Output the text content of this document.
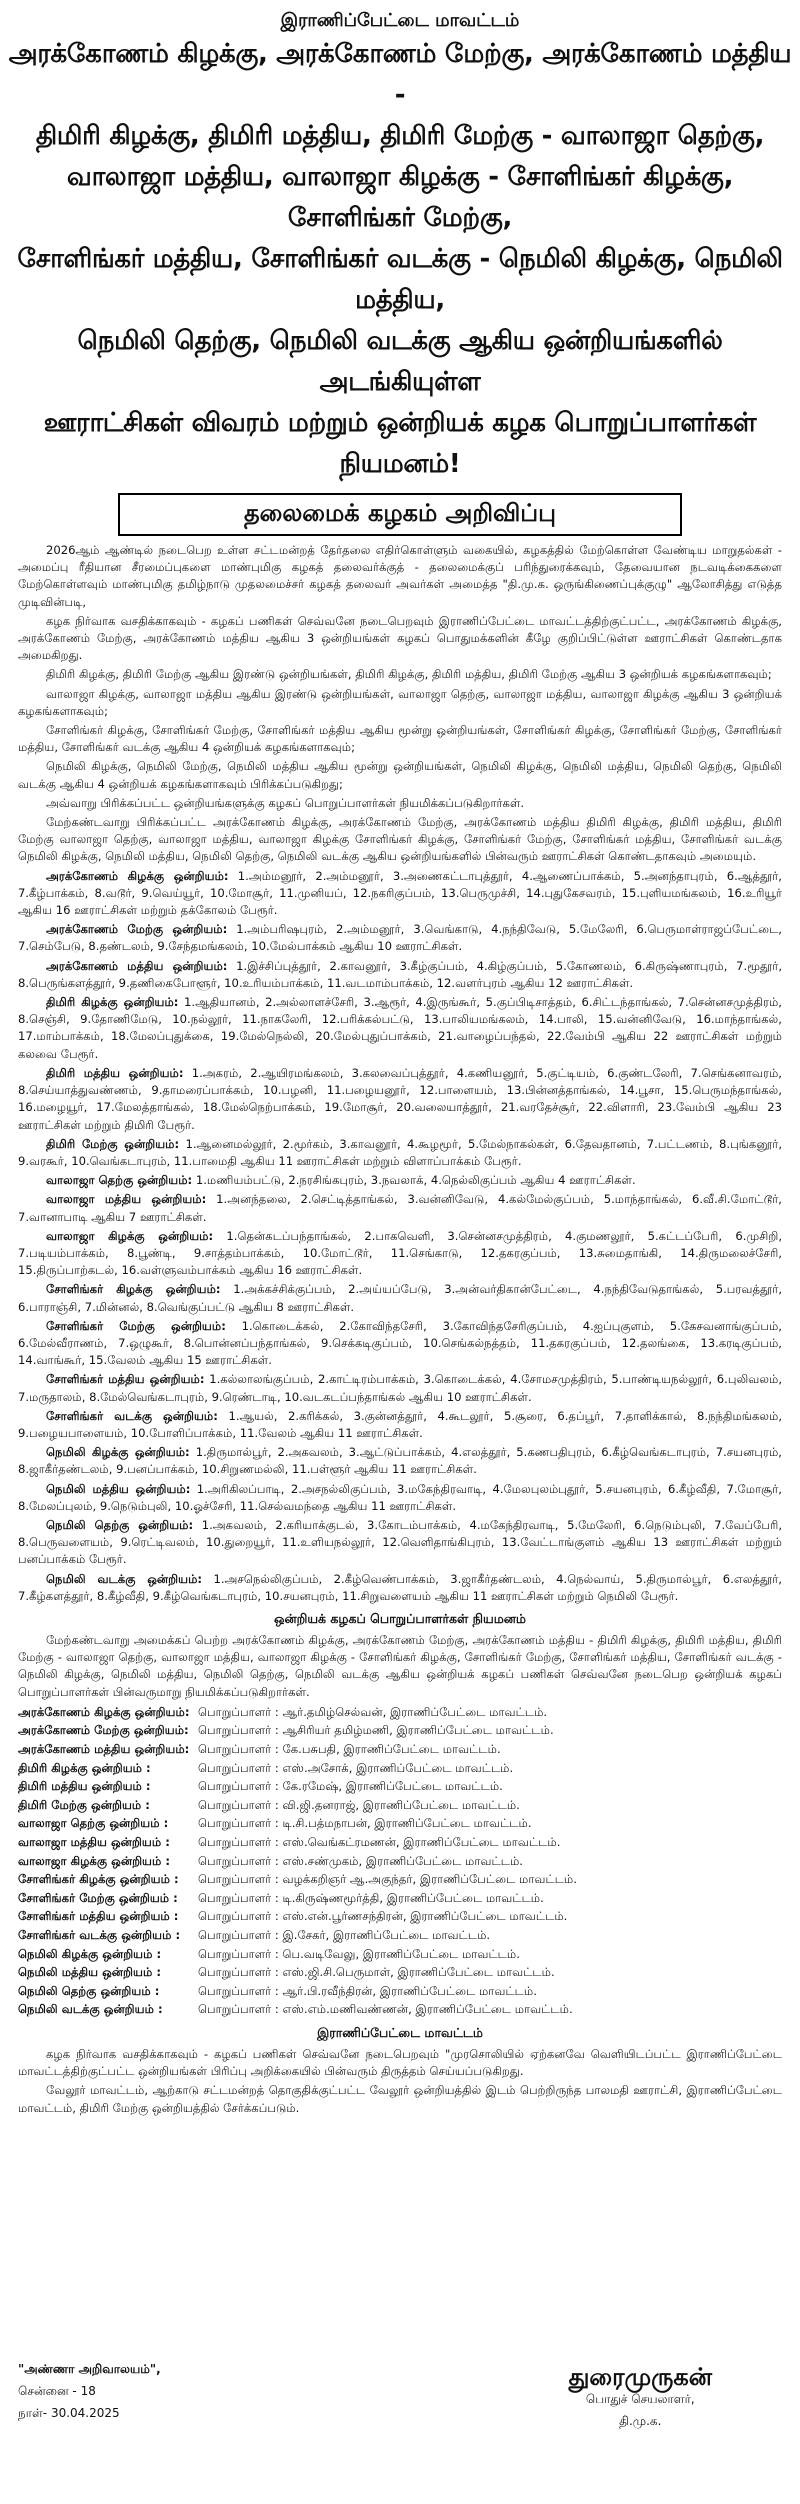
இராணிப்பேட்டை மாவட்டம்
அரக்கோணம் கிழக்கு, அரக்கோணம் மேற்கு, அரக்கோணம் மத்திய -
திமிரி கிழக்கு, திமிரி மத்திய, திமிரி மேற்கு - வாலாஜா தெற்கு,
வாலாஜா மத்திய, வாலாஜா கிழக்கு - சோளிங்கர் கிழக்கு, சோளிங்கர் மேற்கு,
சோளிங்கர் மத்திய, சோளிங்கர் வடக்கு - நெமிலி கிழக்கு, நெமிலி மத்திய,
நெமிலி தெற்கு, நெமிலி வடக்கு ஆகிய ஒன்றியங்களில் அடங்கியுள்ள
ஊராட்சிகள் விவரம் மற்றும் ஒன்றியக் கழக பொறுப்பாளர்கள் நியமனம்!
தலைமைக் கழகம் அறிவிப்பு

2026ஆம் ஆண்டில் நடைபெற உள்ள சட்டமன்றத் தேர்தலை எதிர்கொள்ளும் வகையில், கழகத்தில் மேற்கொள்ள வேண்டிய மாறுதல்கள் - அமைப்பு ரீதியான சீரமைப்புகளை மாண்புமிகு கழகத் தலைவர்க்குத் - தலைமைக்குப் பரிந்துரைக்கவும், தேவையான நடவடிக்கைகளை மேற்கொள்ளவும் மாண்புமிகு தமிழ்நாடு முதலமைச்சர் கழகத் தலைவர் அவர்கள் அமைத்த "தி.மு.க. ஒருங்கிணைப்புக்குழு" ஆலோசித்து எடுத்த முடிவின்படி,

கழக நிர்வாக வசதிக்காகவும் - கழகப் பணிகள் செவ்வனே நடைபெறவும் இராணிப்பேட்டை மாவட்டத்திற்குட்பட்ட, அரக்கோணம் கிழக்கு, அரக்கோணம் மேற்கு, அரக்கோணம் மத்திய ஆகிய 3 ஒன்றியங்கள் கழகப் பொதுமக்களின் கீழே குறிப்பிட்டுள்ள ஊராட்சிகள் கொண்டதாக அமைகிறது.

திமிரி கிழக்கு, திமிரி மேற்கு ஆகிய இரண்டு ஒன்றியங்கள், திமிரி கிழக்கு, திமிரி மத்திய, திமிரி மேற்கு ஆகிய 3 ஒன்றியக் கழகங்களாகவும்;

வாலாஜா கிழக்கு, வாலாஜா மத்திய ஆகிய இரண்டு ஒன்றியங்கள், வாலாஜா தெற்கு, வாலாஜா மத்திய, வாலாஜா கிழக்கு ஆகிய 3 ஒன்றியக் கழகங்களாகவும்;

சோளிங்கர் கிழக்கு, சோளிங்கர் மேற்கு, சோளிங்கர் மத்திய ஆகிய மூன்று ஒன்றியங்கள், சோளிங்கர் கிழக்கு, சோளிங்கர் மேற்கு, சோளிங்கர் மத்திய, சோளிங்கர் வடக்கு ஆகிய 4 ஒன்றியக் கழகங்களாகவும்;

நெமிலி கிழக்கு, நெமிலி மேற்கு, நெமிலி மத்திய ஆகிய மூன்று ஒன்றியங்கள், நெமிலி கிழக்கு, நெமிலி மத்திய, நெமிலி தெற்கு, நெமிலி வடக்கு ஆகிய 4 ஒன்றியக் கழகங்களாகவும் பிரிக்கப்படுகிறது;

அவ்வாறு பிரிக்கப்பட்ட ஒன்றியங்களுக்கு கழகப் பொறுப்பாளர்கள் நியமிக்கப்படுகிறார்கள்.

மேற்கண்டவாறு பிரிக்கப்பட்ட அரக்கோணம் கிழக்கு, அரக்கோணம் மேற்கு, அரக்கோணம் மத்திய திமிரி கிழக்கு, திமிரி மத்திய, திமிரி மேற்கு வாலாஜா தெற்கு, வாலாஜா மத்திய, வாலாஜா கிழக்கு சோளிங்கர் கிழக்கு, சோளிங்கர் மேற்கு, சோளிங்கர் மத்திய, சோளிங்கர் வடக்கு நெமிலி கிழக்கு, நெமிலி மத்திய, நெமிலி தெற்கு, நெமிலி வடக்கு ஆகிய ஒன்றியங்களில் பின்வரும் ஊராட்சிகள் கொண்டதாகவும் அமையும்.

அரக்கோணம் கிழக்கு ஒன்றியம்: 1.அம்மனூர், 2.அம்மனூர், 3.அணைகட்டாபுத்தூர், 4.ஆணைப்பாக்கம், 5.அனந்தாபுரம், 6.ஆத்தூர், 7.கீழ்பாக்கம், 8.வடூர், 9.வெய்யூர், 10.மோசூர், 11.முனியப், 12.நகரிகுப்பம், 13.பெருமுச்சி, 14.புதுகேசவரம், 15.புளியமங்கலம், 16.உரியூர் ஆகிய 16 ஊராட்சிகள் மற்றும் தக்கோலம் பேரூர்.

அரக்கோணம் மேற்கு ஒன்றியம்: 1.அம்பரிஷபுரம், 2.அம்மனூர், 3.வெங்காடு, 4.நந்திவேடு, 5.மேலேரி, 6.பெருமாள்ராஜப்பேட்டை, 7.செம்பேடு, 8.தண்டலம், 9.சேந்தமங்கலம், 10.மேல்பாக்கம் ஆகிய 10 ஊராட்சிகள்.

அரக்கோணம் மத்திய ஒன்றியம்: 1.இச்சிப்புத்தூர், 2.காவனூர், 3.கீழ்குப்பம், 4.கிழ்குப்பம், 5.கோணலம், 6.கிருஷ்ணாபுரம், 7.மூதூர், 8.பெருங்களத்தூர், 9.தணிகைபோளூர், 10.உரியம்பாக்கம், 11.வடமாம்பாக்கம், 12.வளர்புரம் ஆகிய 12 ஊராட்சிகள்.

திமிரி கிழக்கு ஒன்றியம்: 1.ஆதியானம், 2.அல்லாளச்சேரி, 3.ஆரூர், 4.இருங்கூர், 5.குப்பிடிசாத்தம், 6.சிட்டந்தாங்கல், 7.சென்னசமுத்திரம், 8.செஞ்சி, 9.தோணிமேடு, 10.நல்லூர், 11.நாகலேரி, 12.பரிக்கல்பட்டு, 13.பாலியமங்கலம், 14.பாலி, 15.வன்னிவேடு, 16.மாந்தாங்கல், 17.மாம்பாக்கம், 18.மேலப்புதுக்கை, 19.மேல்நெல்லி, 20.மேல்புதுப்பாக்கம், 21.வாழைப்பந்தல், 22.வேம்பி ஆகிய 22 ஊராட்சிகள் மற்றும் கலவை பேரூர்.

திமிரி மத்திய ஒன்றியம்: 1.அகரம், 2.ஆயிரமங்கலம், 3.கலவைப்புத்தூர், 4.கணியனூர், 5.குட்டியம், 6.குண்டலேரி, 7.செங்கனாவரம், 8.செய்யாத்துவண்ணம், 9.தாமரைப்பாக்கம், 10.பழனி, 11.பழையனூர், 12.பாளையம், 13.பின்னத்தாங்கல், 14.பூசா, 15.பெருமந்தாங்கல், 16.மழையூர், 17.மேலத்தாங்கல், 18.மேல்நெற்பாக்கம், 19.மோசூர், 20.வலையாத்தூர், 21.வரதேச்சூர், 22.விளாரி, 23.வேம்பி ஆகிய 23 ஊராட்சிகள் மற்றும் திமிரி பேரூர்.

திமிரி மேற்கு ஒன்றியம்: 1.ஆனைமல்லூர், 2.மூர்கம், 3.காவனூர், 4.கூழமூர், 5.மேல்நாகல்கள், 6.தேவதானம், 7.பட்டணம், 8.புங்கனூர், 9.வரகூர், 10.வெங்கடாபுரம், 11.பாமைதி ஆகிய 11 ஊராட்சிகள் மற்றும் விளாப்பாக்கம் பேரூர்.

வாலாஜா தெற்கு ஒன்றியம்: 1.மணியம்பட்டு, 2.நரசிங்கபுரம், 3.நவலாக், 4.நெல்லிகுப்பம் ஆகிய 4 ஊராட்சிகள்.

வாலாஜா மத்திய ஒன்றியம்: 1.அனந்தலை, 2.செட்டித்தாங்கல், 3.வன்னிவேடு, 4.கல்மேல்குப்பம், 5.மாந்தாங்கல், 6.வீ.சி.மோட்டூர், 7.வானாபாடி ஆகிய 7 ஊராட்சிகள்.

வாலாஜா கிழக்கு ஒன்றியம்: 1.தென்கடப்பந்தாங்கல், 2.பாகவெளி, 3.சென்னசமுத்திரம், 4.குமணலூர், 5.கட்டப்பேரி, 6.முசிறி, 7.படியம்பாக்கம், 8.பூண்டி, 9.சாத்தம்பாக்கம், 10.மோட்டூர், 11.செங்காடு, 12.தகரகுப்பம், 13.சுமைதாங்கி, 14.திருமலைச்சேரி, 15.திருப்பாற்கடல், 16.வள்ளுவம்பாக்கம் ஆகிய 16 ஊராட்சிகள்.

சோளிங்கர் கிழக்கு ஒன்றியம்: 1.அக்கச்சிக்குப்பம், 2.அய்யப்பேடு, 3.அன்வர்திகான்பேட்டை, 4.நந்திவேடுதாங்கல், 5.பரவத்தூர், 6.பாராஞ்சி, 7.மின்னல், 8.வெங்குப்பட்டு ஆகிய 8 ஊராட்சிகள்.

சோளிங்கர் மேற்கு ஒன்றியம்: 1.கொடைக்கல், 2.கோவிந்தசேரி, 3.கோவிந்தசேரிகுப்பம், 4.ஐப்புகுளம், 5.கேசவனாங்குப்பம், 6.மேல்வீராணம், 7.ஒழுகூர், 8.பொன்னப்பந்தாங்கல், 9.செக்கடிகுப்பம், 10.செங்கல்நத்தம், 11.தகரகுப்பம், 12.தலங்கை, 13.கரடிகுப்பம், 14.வாங்கூர், 15.வேலம் ஆகிய 15 ஊராட்சிகள்.

சோளிங்கர் மத்திய ஒன்றியம்: 1.கல்லாலங்குப்பம், 2.காட்டிரம்பாக்கம், 3.கொடைக்கல், 4.சோமசமுத்திரம், 5.பாண்டியநல்லூர், 6.புலிவலம், 7.மருதாலம், 8.மேல்வெங்கடாபுரம், 9.ரெண்டாடி, 10.வடகடப்பந்தாங்கல் ஆகிய 10 ஊராட்சிகள்.

சோளிங்கர் வடக்கு ஒன்றியம்: 1.ஆயல், 2.கரிக்கல், 3.குன்னத்தூர், 4.கூடலூர், 5.சூரை, 6.தப்பூர், 7.தாளிக்கால், 8.நந்திமங்கலம், 9.பழையபாளையம், 10.போளிப்பாக்கம், 11.வேலம் ஆகிய 11 ஊராட்சிகள்.

நெமிலி கிழக்கு ஒன்றியம்: 1.திருமால்பூர், 2.அகவலம், 3.ஆட்டுப்பாக்கம், 4.எலத்தூர், 5.கணபதிபுரம், 6.கீழ்வெங்கடாபுரம், 7.சயனபுரம், 8.ஜாகீர்தண்டலம், 9.பனப்பாக்கம், 10.சிறுணமல்லி, 11.பள்ளூர் ஆகிய 11 ஊராட்சிகள்.

நெமிலி மத்திய ஒன்றியம்: 1.அரிகிலப்பாடி, 2.அசநல்லிகுப்பம், 3.மகேந்திரவாடி, 4.மேலபுலம்புதூர், 5.சயனபுரம், 6.கீழ்வீதி, 7.மோசூர், 8.மேலப்புலம், 9.நெடும்புலி, 10.ஓச்சேரி, 11.செல்வமந்தை ஆகிய 11 ஊராட்சிகள்.

நெமிலி தெற்கு ஒன்றியம்: 1.அகவலம், 2.கரியாக்குடல், 3.கோடம்பாக்கம், 4.மகேந்திரவாடி, 5.மேலேரி, 6.நெடும்புலி, 7.வேப்பேரி, 8.பெருவளையம், 9.ரெட்டிவலம், 10.துறையூர், 11.உளியநல்லூர், 12.வெளிதாங்கிபுரம், 13.வேட்டாங்குளம் ஆகிய 13 ஊராட்சிகள் மற்றும் பனப்பாக்கம் பேரூர்.

நெமிலி வடக்கு ஒன்றியம்: 1.அசநெல்லிகுப்பம், 2.கீழ்வெண்பாக்கம், 3.ஜாகீர்தண்டலம், 4.நெல்வாய், 5.திருமால்பூர், 6.எலத்தூர், 7.கீழ்களத்தூர், 8.கீழ்வீதி, 9.கீழ்வெங்கடாபுரம், 10.சயனபுரம், 11.சிறுவளையம் ஆகிய 11 ஊராட்சிகள் மற்றும் நெமிலி பேரூர்.

ஒன்றியக் கழகப் பொறுப்பாளர்கள் நியமனம்

மேற்கண்டவாறு அமைக்கப் பெற்ற அரக்கோணம் கிழக்கு, அரக்கோணம் மேற்கு, அரக்கோணம் மத்திய - திமிரி கிழக்கு, திமிரி மத்திய, திமிரி மேற்கு - வாலாஜா தெற்கு, வாலாஜா மத்திய, வாலாஜா கிழக்கு - சோளிங்கர் கிழக்கு, சோளிங்கர் மேற்கு, சோளிங்கர் மத்திய, சோளிங்கர் வடக்கு - நெமிலி கிழக்கு, நெமிலி மத்திய, நெமிலி தெற்கு, நெமிலி வடக்கு ஆகிய ஒன்றியக் கழகப் பணிகள் செவ்வனே நடைபெற ஒன்றியக் கழகப் பொறுப்பாளர்கள் பின்வருமாறு நியமிக்கப்படுகிறார்கள்.

அரக்கோணம் கிழக்கு ஒன்றியம்: பொறுப்பாளர் : ஆர்.தமிழ்செல்வன், இராணிப்பேட்டை மாவட்டம்.
அரக்கோணம் மேற்கு ஒன்றியம்: பொறுப்பாளர் : ஆசிரியர் தமிழ்மணி, இராணிப்பேட்டை மாவட்டம்.
அரக்கோணம் மத்திய ஒன்றியம்: பொறுப்பாளர் : கே.பசுபதி, இராணிப்பேட்டை மாவட்டம்.
திமிரி கிழக்கு ஒன்றியம் :	பொறுப்பாளர் : எஸ்.அசோக், இராணிப்பேட்டை மாவட்டம்.
திமிரி மத்திய ஒன்றியம் :	பொறுப்பாளர் : கே.ரமேஷ், இராணிப்பேட்டை மாவட்டம்.
திமிரி மேற்கு ஒன்றியம் :	பொறுப்பாளர் : வி.ஜி.தனராஜ், இராணிப்பேட்டை மாவட்டம்.
வாலாஜா தெற்கு ஒன்றியம் :	பொறுப்பாளர் : டி.சி.பத்மநாபன், இராணிப்பேட்டை மாவட்டம்.
வாலாஜா மத்திய ஒன்றியம் :	பொறுப்பாளர் : எஸ்.வெங்கட்ரமணன், இராணிப்பேட்டை மாவட்டம்.
வாலாஜா கிழக்கு ஒன்றியம் :	பொறுப்பாளர் : எஸ்.சண்முகம், இராணிப்பேட்டை மாவட்டம்.
சோளிங்கர் கிழக்கு ஒன்றியம் :	பொறுப்பாளர் : வழக்கறிஞர் ஆ.அகுந்தர், இராணிப்பேட்டை மாவட்டம்.
சோளிங்கர் மேற்கு ஒன்றியம் :	பொறுப்பாளர் : டி.கிருஷ்ணமூர்த்தி, இராணிப்பேட்டை மாவட்டம்.
சோளிங்கர் மத்திய ஒன்றியம் :	பொறுப்பாளர் : எஸ்.என்.பூர்ணசந்திரன், இராணிப்பேட்டை மாவட்டம்.
சோளிங்கர் வடக்கு ஒன்றியம் :	பொறுப்பாளர் : இ.சேகர், இராணிப்பேட்டை மாவட்டம்.
நெமிலி கிழக்கு ஒன்றியம் :	பொறுப்பாளர் : பெ.வடிவேலு, இராணிப்பேட்டை மாவட்டம்.
நெமிலி மத்திய ஒன்றியம் :	பொறுப்பாளர் : எஸ்.ஜி.சி.பெருமாள், இராணிப்பேட்டை மாவட்டம்.
நெமிலி தெற்கு ஒன்றியம் :	பொறுப்பாளர் : ஆர்.பி.ரவீந்திரன், இராணிப்பேட்டை மாவட்டம்.
நெமிலி வடக்கு ஒன்றியம் :	பொறுப்பாளர் : எஸ்.எம்.மணிவண்ணன், இராணிப்பேட்டை மாவட்டம்.
இராணிப்பேட்டை மாவட்டம்

கழக நிர்வாக வசதிக்காகவும் - கழகப் பணிகள் செவ்வனே நடைபெறவும் "முரசொலியில் ஏற்கனவே வெளியிடப்பட்ட இராணிப்பேட்டை மாவட்டத்திற்குட்பட்ட ஒன்றியங்கள் பிரிப்பு அறிக்கையில் பின்வரும் திருத்தம் செய்யப்படுகிறது.

வேலூர் மாவட்டம், ஆற்காடு சட்டமன்றத் தொகுதிக்குட்பட்ட வேலூர் ஒன்றியத்தில் இடம் பெற்றிருந்த பாலமதி ஊராட்சி, இராணிப்பேட்டை மாவட்டம், திமிரி மேற்கு ஒன்றியத்தில் சேர்க்கப்படும்.

"அண்ணா அறிவாலயம்",
சென்னை - 18
நாள்- 30.04.2025
துரைமுருகன்
பொதுச் செயலாளர்,
தி.மு.க.
